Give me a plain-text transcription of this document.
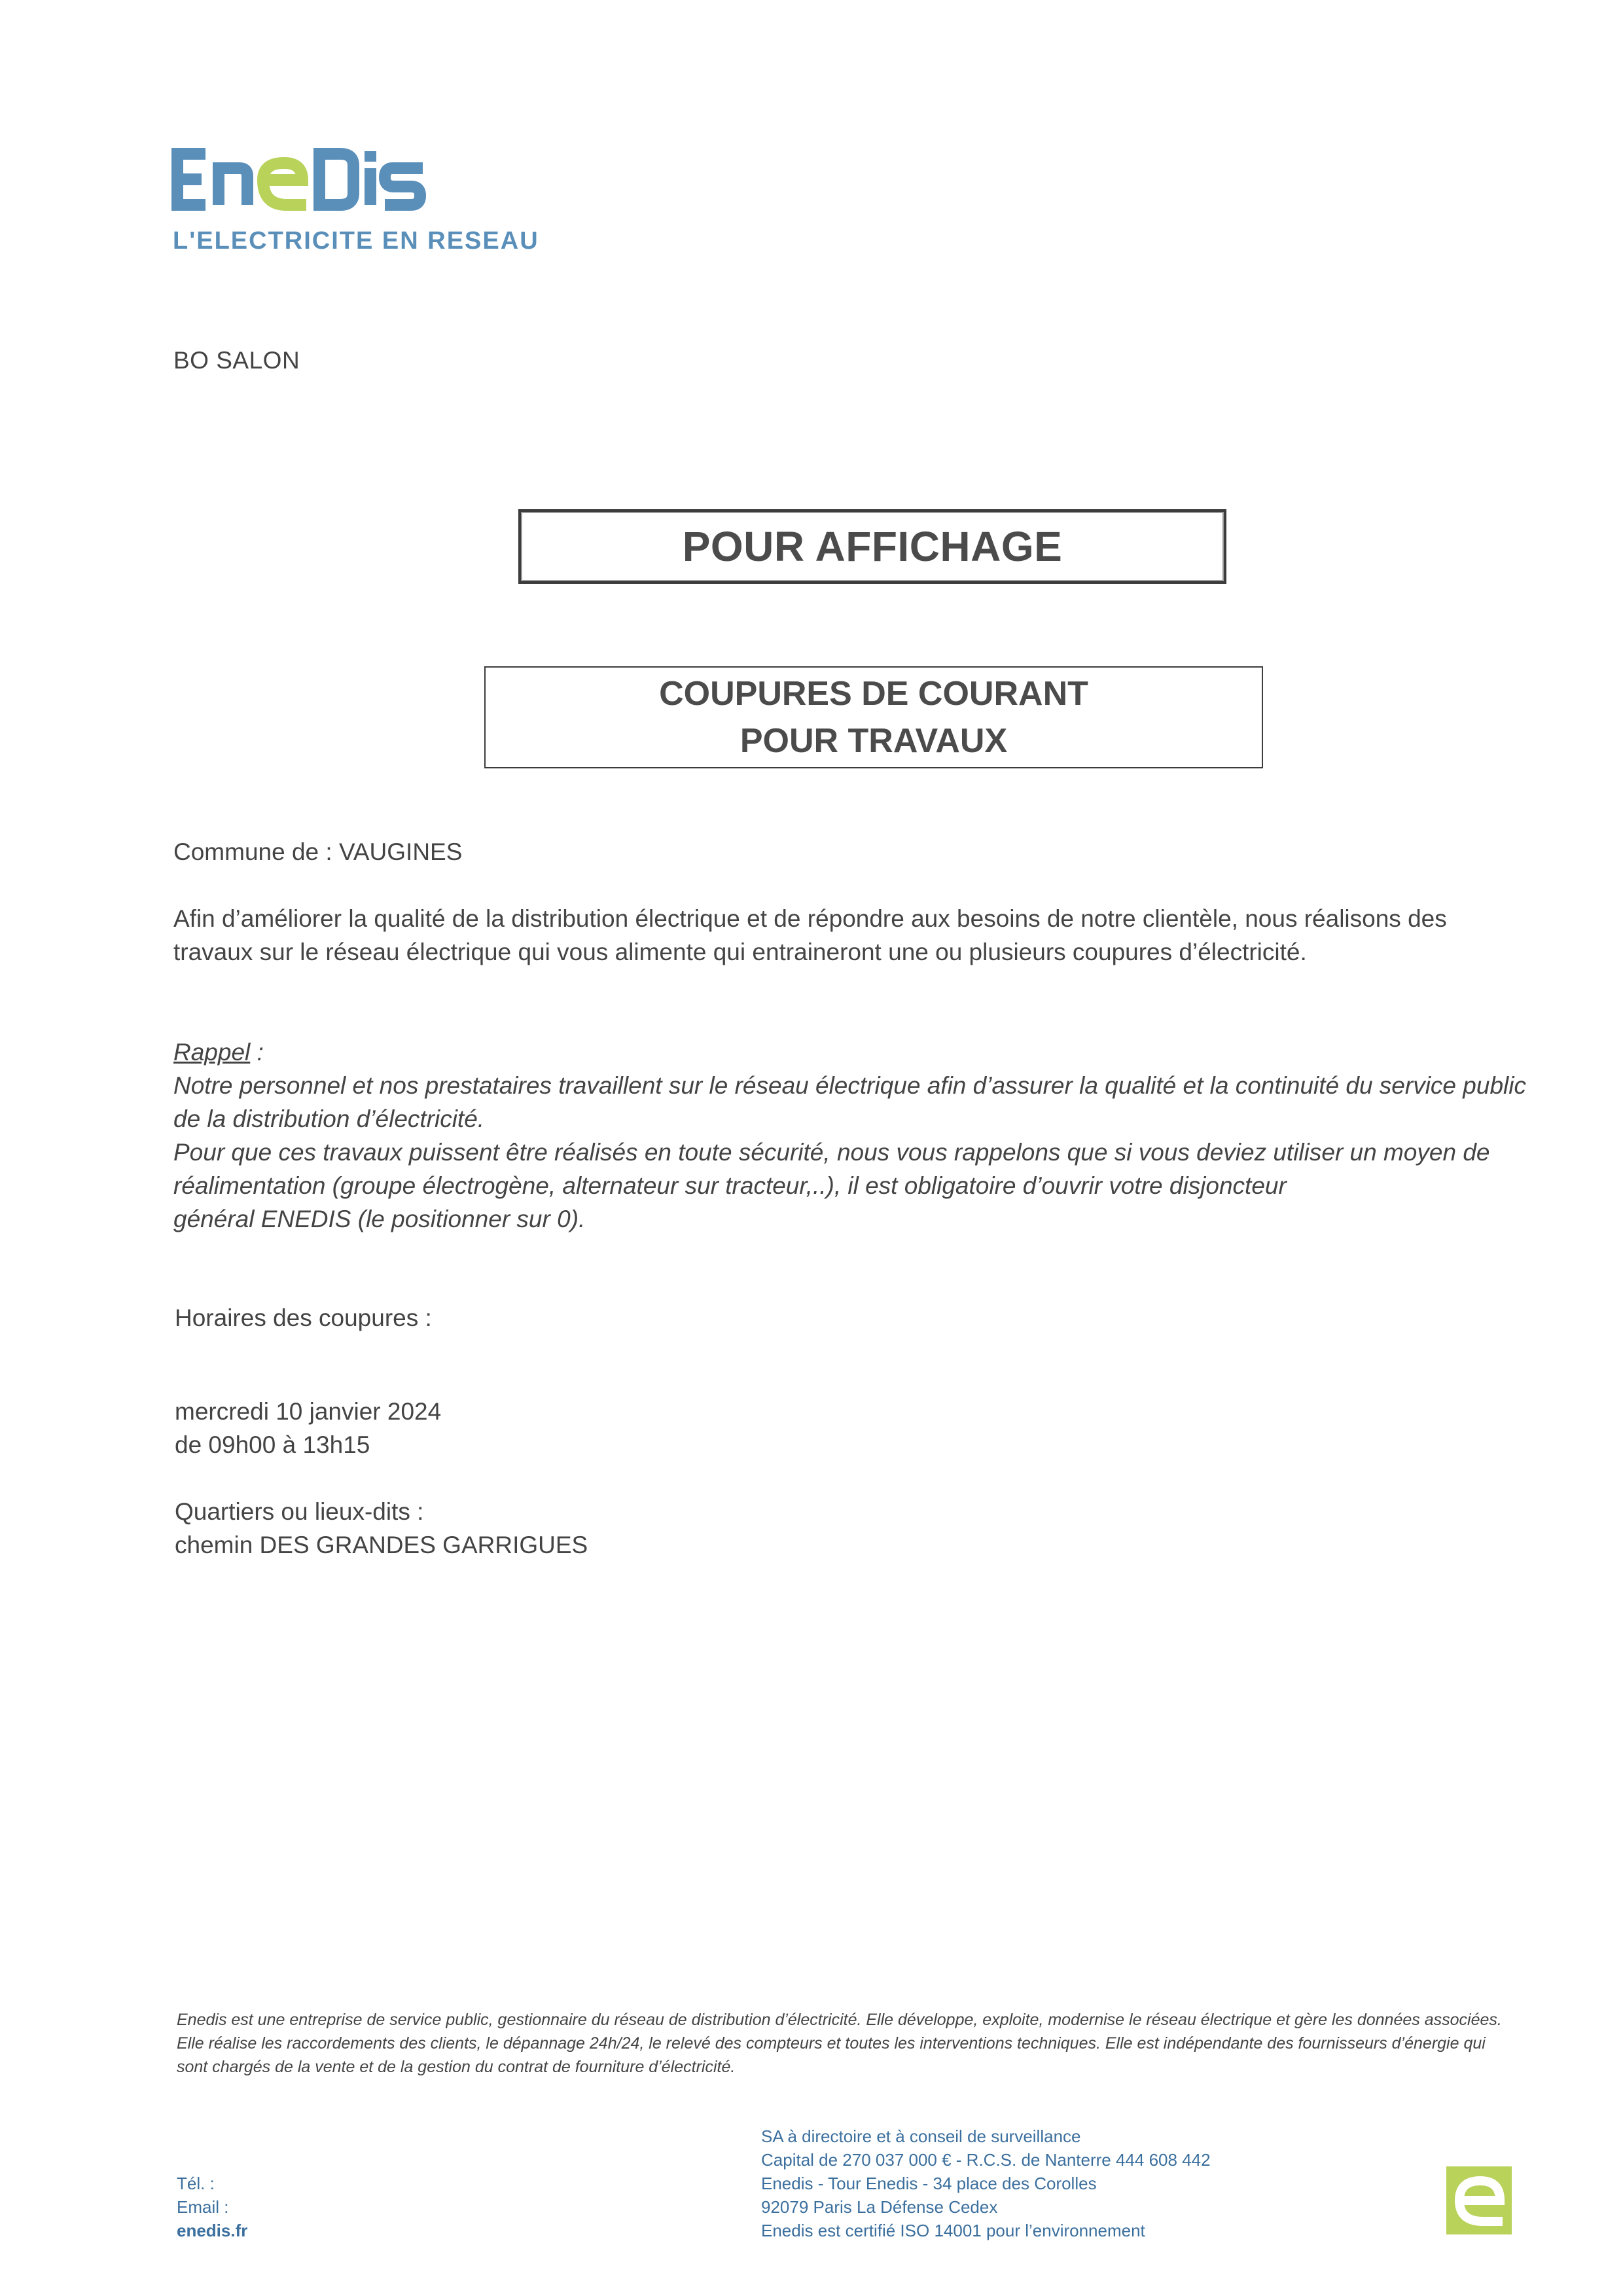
L'ELECTRICITE EN RESEAU
BO SALON
POUR AFFICHAGE
COUPURES DE COURANT
POUR TRAVAUX
Commune de : VAUGINES
Afin d’améliorer la qualité de la distribution électrique et de répondre aux besoins de notre clientèle, nous réalisons des travaux sur le réseau électrique qui vous alimente qui entraineront une ou plusieurs coupures d’électricité.
Rappel :
Notre personnel et nos prestataires travaillent sur le réseau électrique afin d’assurer la qualité et la continuité du service public de la distribution d’électricité.
Pour que ces travaux puissent être réalisés en toute sécurité, nous vous rappelons que si vous deviez utiliser un moyen de réalimentation (groupe électrogène, alternateur sur tracteur,..), il est obligatoire d’ouvrir votre disjoncteur
général ENEDIS (le positionner sur 0).
Horaires des coupures :
mercredi 10 janvier 2024
de 09h00 à 13h15
Quartiers ou lieux-dits :
chemin DES GRANDES GARRIGUES
Enedis est une entreprise de service public, gestionnaire du réseau de distribution d’électricité. Elle développe, exploite, modernise le réseau électrique et gère les données associées. Elle réalise les raccordements des clients, le dépannage 24h/24, le relevé des compteurs et toutes les interventions techniques. Elle est indépendante des fournisseurs d’énergie qui sont chargés de la vente et de la gestion du contrat de fourniture d’électricité.
Tél. :
Email :
enedis.fr
SA à directoire et à conseil de surveillance
Capital de 270 037 000 € - R.C.S. de Nanterre 444 608 442
Enedis - Tour Enedis - 34 place des Corolles
92079 Paris La Défense Cedex
Enedis est certifié ISO 14001 pour l’environnement
